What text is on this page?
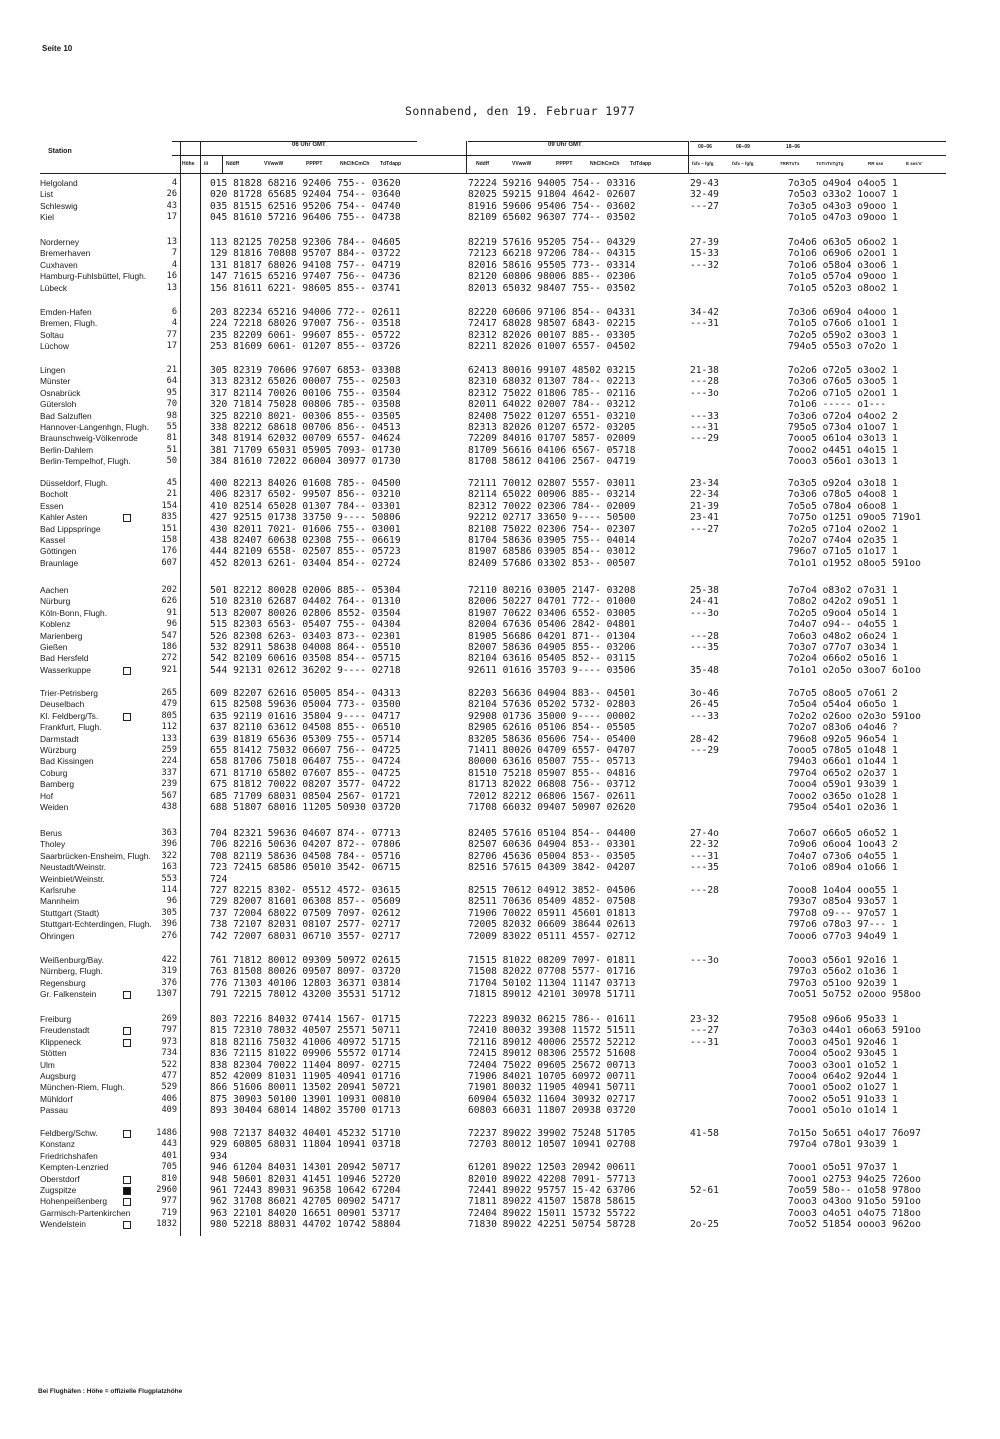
Seite 10
Sonnabend, den 19. Februar 1977
Station
06 Uhr GMT	09 Uhr GMT	00–06	06–09	18–06
Höhe iii	Nddff	VVwwW	PPPPT	NhClhCmCh TdTdapp	Nddff	VVwwW	PPPPT	NhClhCmCh TdTdapp	fxfx – fgfg	fxfx – fgfg	7RRTxTx	TnTnTnTgTg	RR sss	E sss's'
Helgoland	4	015 81828 68216 92406 755-- 03620	72224 59216 94005 754-- 03316	29-43	7o3o5 o49o4 o4oo5 1
List	26	020 81728 65685 92404 754-- 03640	82025 59215 91804 4642- 02607	32-49	7o5o3 o33o2 1ooo7 1
Schleswig	43	035 81515 62516 95206 754-- 04740	81916 59606 95406 754-- 03602	---27	7o3o5 o43o3 o9ooo 1
Kiel	17	045 81610 57216 96406 755-- 04738	82109 65602 96307 774-- 03502	7o1o5 o47o3 o9ooo 1
Norderney	13	113 82125 70258 92306 784-- 04605	82219 57616 95205 754-- 04329	27-39	7o4o6 o63o5 o6oo2 1
Bremerhaven	7	129 81816 70808 95707 884-- 03722	72123 66218 97206 784-- 04315	15-33	7o1o6 o69o6 o2oo1 1
Cuxhaven	4	131 81817 68026 94108 757-- 04719	82016 58616 95505 773-- 03314	---32	7o1o6 o58o4 o3oo6 1
Hamburg-Fuhlsbüttel, Flugh. 16	147 71615 65216 97407 756-- 04736	82120 60806 98006 885-- 02306	7o1o5 o57o4 o9ooo 1
Lübeck	13	156 81611 6221- 98605 855-- 03741	82013 65032 98407 755-- 03502	7o1o5 o52o3 o8oo2 1
Emden-Hafen	6	203 82234 65216 94006 772-- 02611	82220 60606 97106 854-- 04331	34-42	7o3o6 o69o4 o4ooo 1
Bremen, Flugh.	4	224 72218 68026 97007 756-- 03518	72417 68028 98507 6843- 02215	---31	7o1o5 o76o6 o1oo1 1
Soltau	77	235 82209 6061- 99607 855-- 05722	82312 82026 00107 885-- 03305	7o2o5 o59o2 o3oo3 1
Lüchow	17	253 81609 6061- 01207 855-- 03726	82211 82026 01007 6557- 04502	794o5 o55o3 o7o2o 1
Lingen	21	305 82319 70606 97607 6853- 03308	62413 80016 99107 48502 03215	21-38	7o2o6 o72o5 o3oo2 1
Münster	64	313 82312 65026 00007 755-- 02503	82310 68032 01307 784-- 02213	---28	7o3o6 o76o5 o3oo5 1
Osnabrück	95	317 82114 70026 00106 755-- 03504	82312 75022 01806 785-- 02116	---3o	7o2o6 o71o5 o2oo1 1
Gütersloh	70	320 71814 75028 00806 785-- 03508	82011 64022 02007 784-- 03212	7o1o6 ----- o1---
Bad Salzuflen	98	325 82210 8021- 00306 855-- 03505	82408 75022 01207 6551- 03210	---33	7o3o6 o72o4 o4oo2 2
Hannover-Langenhgn, Flugh. 55	338 82212 68618 00706 856-- 04513	82313 82026 01207 6572- 03205	---31	795o5 o73o4 o1oo7 1
Braunschweig-Völkenrode	81	348 81914 62032 00709 6557- 04624	72209 84016 01707 5857- 02009	---29	7ooo5 o61o4 o3o13 1
Berlin-Dahlem	51	381 71709 65031 05905 7093- 01730	81709 56616 04106 6567- 05718	7ooo2 o4451 o4o15 1
Berlin-Tempelhof, Flugh.	50	384 81610 72022 06004 30977 01730	81708 58612 04106 2567- 04719	7ooo3 o56o1 o3o13 1
Düsseldorf, Flugh.	45	400 82213 84026 01608 785-- 04500	72111 70012 02807 5557- 03011	23-34	7o3o5 o92o4 o3o18 1
Bocholt	21	406 82317 6502- 99507 856-- 03210	82114 65022 00906 885-- 03214	22-34	7o3o6 o78o5 o4oo8 1
Essen	154	410 82514 65028 01307 784-- 03301	82312 70022 02306 784-- 02009	21-39	7o5o5 o78o4 o6oo8 1
Kahler Asten	835	427 92515 01738 33750 9---- 50806	92212 02717 33650 9---- 50500	23-41	7o75o o1251 o9oo5 719o1
Bad Lippspringe	151	430 82011 7021- 01606 755-- 03001	82108 75022 02306 754-- 02307	---27	7o2o5 o71o4 o2oo2 1
Kassel	158	438 82407 60638 02308 755-- 06619	81704 58636 03905 755-- 04014	7o2o7 o74o4 o2o35 1
Göttingen	176	444 82109 6558- 02507 855-- 05723	81907 68586 03905 854-- 03012	796o7 o71o5 o1o17 1
Braunlage	607	452 82013 6261- 03404 854-- 02724	82409 57686 03302 853-- 00507	7o1o1 o1952 o8oo5 591oo
Aachen	202	501 82212 80028 02006 885-- 05304	72110 80216 03005 2147- 03208	25-38	7o7o4 o83o2 o7o31 1
Nürburg	626	510 82310 62687 04402 764-- 01310	82006 50227 04701 772-- 01000	24-41	7o8o2 o42o2 o9o51 1
Köln-Bonn, Flugh.	91	513 82007 80026 02806 8552- 03504	81907 70622 03406 6552- 03005	---3o	7o2o5 o9oo4 o5o14 1
Koblenz	96	515 82303 6563- 05407 755-- 04304	82004 67636 05406 2842- 04801	7o4o7 o94-- o4o55 1
Marienberg	547	526 82308 6263- 03403 873-- 02301	81905 56686 04201 871-- 01304	---28	7o6o3 o48o2 o6o24 1
Gießen	186	532 82911 58638 04008 864-- 05510	82007 58636 04905 855-- 03206	---35	7o3o7 o77o7 o3o34 1
Bad Hersfeld	272	542 82109 60616 03508 854-- 05715	82104 63616 05405 852-- 03115	7o2o4 o66o2 o5o16 1
Wasserkuppe	921	544 92131 02612 36202 9---- 02718	92611 01616 35703 9---- 03506	35-48	7o1o1 o2o5o o3oo7 6o1oo
Trier-Petrisberg	265	609 82207 62616 05005 854-- 04313	82203 56636 04904 883-- 04501	3o-46	7o7o5 o8oo5 o7o61 2
Deuselbach	479	615 82508 59636 05004 773-- 03500	82104 57636 05202 5732- 02803	26-45	7o5o4 o54o4 o6o5o 1
Kl. Feldberg/Ts.	805	635 92119 01616 35804 9---- 04717	92908 01736 35000 9---- 00002	---33	7o2o2 o26oo o2o3o 591oo
Frankfurt, Flugh.	112	637 82110 63612 04508 855-- 06510	82905 62616 05106 854-- 05505	7o2o7 o83o6 o4o46 ?
Darmstadt	133	639 81819 65636 05309 755-- 05714	83205 58636 05606 754-- 05400	28-42	796o8 o92o5 96o54 1
Würzburg	259	655 81412 75032 06607 756-- 04725	71411 80026 04709 6557- 04707	---29	7ooo5 o78o5 o1o48 1
Bad Kissingen	224	658 81706 75018 06407 755-- 04724	80000 63616 05007 755-- 05713	794o3 o66o1 o1o44 1
Coburg	337	671 81710 65802 07607 855-- 04725	81510 75218 05907 855-- 04816	797o4 o65o2 o2o37 1
Bamberg	239	675 81812 70022 08207 3577- 04722	81713 82022 06808 756-- 03712	7ooo4 o59o1 93o39 1
Hof	567	685 71709 68031 08504 2567- 01721	72012 82212 06806 1567- 02611	7ooo2 o365o o1o28 1
Weiden	438	688 51807 68016 11205 50930 03720	71708 66032 09407 50907 02620	795o4 o54o1 o2o36 1
Berus	363	704 82321 59636 04607 874-- 07713	82405 57616 05104 854-- 04400	27-4o	7o6o7 o66o5 o6o52 1
Tholey	396	706 82216 50636 04207 872-- 07806	82507 60636 04904 853-- 03301	22-32	7o9o6 o6oo4 1oo43 2
Saarbrücken-Ensheim, Flugh. 322	708 82119 58636 04508 784-- 05716	82706 45636 05004 853-- 03505	---31	7o4o7 o73o6 o4o55 1
Neustadt/Weinstr.	163	723 72415 68586 05010 3542- 06715	82516 57615 04309 3842- 04207	---35	7o1o6 o89o4 o1o66 1
Weinbiet/Weinstr.	553	724
Karlsruhe	114	727 82215 8302- 05512 4572- 03615	82515 70612 04912 3852- 04506	---28	7ooo8 1o4o4 ooo55 1
Mannheim	96	729 82007 81601 06308 857-- 05609	82511 70636 05409 4852- 07508	793o7 o85o4 93o57 1
Stuttgart (Stadt)	305	737 72004 68022 07509 7097- 02612	71906 70022 05911 45601 01813	797o8 o9--- 97o57 1
Stuttgart-Echterdingen, Flugh. 396	738 72107 82031 08107 2577- 02717	72005 82032 06609 38644 02613	797o6 o78o3 97--- 1
Öhringen	276	742 72007 68031 06710 3557- 02717	72009 83022 05111 4557- 02712	7ooo6 o77o3 94o49 1
Weißenburg/Bay.	422	761 71812 80012 09309 50972 02615	71515 81022 08209 7097- 01811	---3o	7ooo3 o56o1 92o16 1
Nürnberg, Flugh.	319	763 81508 80026 09507 8097- 03720	71508 82022 07708 5577- 01716	797o3 o56o2 o1o36 1
Regensburg	376	776 71303 40106 12803 36371 03814	71704 50102 11304 11147 03713	797o3 o51oo 92o39 1
Gr. Falkenstein	1307	791 72215 78012 43200 35531 51712	71815 89012 42101 30978 51711	7oo51 5o752 o2ooo 958oo
Freiburg	269	803 72216 84032 07414 1567- 01715	72223 89032 06215 786-- 01611	23-32	795o8 o96o6 95o33 1
Freudenstadt	797	815 72310 78032 40507 25571 50711	72410 80032 39308 11572 51511	---27	7o3o3 o44o1 o6o63 591oo
Klippeneck	973	818 82116 75032 41006 40972 51715	72116 89012 40006 25572 52212	---31	7ooo3 o45o1 92o46 1
Stötten	734	836 72115 81022 09906 55572 01714	72415 89012 08306 25572 51608	7ooo4 o5oo2 93o45 1
Ulm	522	838 82304 70022 11404 8097- 02715	72404 75022 09605 25672 00713	7ooo3 o3oo1 o1o52 1
Augsburg	477	852 42009 81031 11905 40941 01716	71906 84021 10705 60972 00711	7ooo4 o64o2 92o44 1
München-Riem, Flugh.	529	866 51606 80011 13502 20941 50721	71901 80032 11905 40941 50711	7ooo1 o5oo2 o1o27 1
Mühldorf	406	875 30903 50100 13901 10931 00810	60904 65032 11604 30932 02717	7ooo2 o5o51 91o33 1
Passau	409	893 30404 68014 14802 35700 01713	60803 66031 11807 20938 03720	7ooo1 o5o1o o1o14 1
Feldberg/Schw.	1486	908 72137 84032 40401 45232 51710	72237 89022 39902 75248 51705	41-58	7o15o 5o651 o4o17 76o97
Konstanz	443	929 60805 68031 11804 10941 03718	72703 80012 10507 10941 02708	797o4 o78o1 93o39 1
Friedrichshafen	401	934
Kempten-Lenzried	705	946 61204 84031 14301 20942 50717	61201 89022 12503 20942 00611	7ooo1 o5o51 97o37 1
Oberstdorf	810	948 50601 82031 41451 10946 52720	82010 89022 42208 7091- 57713	7ooo1 o2753 94o25 726oo
Zugspitze	2960	961 72443 89031 96358 10642 67204	72441 89022 95757 15-42 63706	52-61	7oo59 58o-- o1o58 978oo
Hohenpeißenberg	977	962 31708 86021 42705 00902 54717	71811 89022 41507 15878 58615	7ooo3 o43oo 91o5o 591oo
Garmisch-Partenkirchen	719	963 22101 84020 16651 00901 53717	72404 89022 15011 15732 55722	7ooo3 o4o51 o4o75 718oo
Wendelstein	1832	980 52218 88031 44702 10742 58804	71830 89022 42251 50754 58728	2o-25	7oo52 51854 oooo3 962oo
Bei Flughäfen : Höhe = offizielle Flugplatzhöhe
